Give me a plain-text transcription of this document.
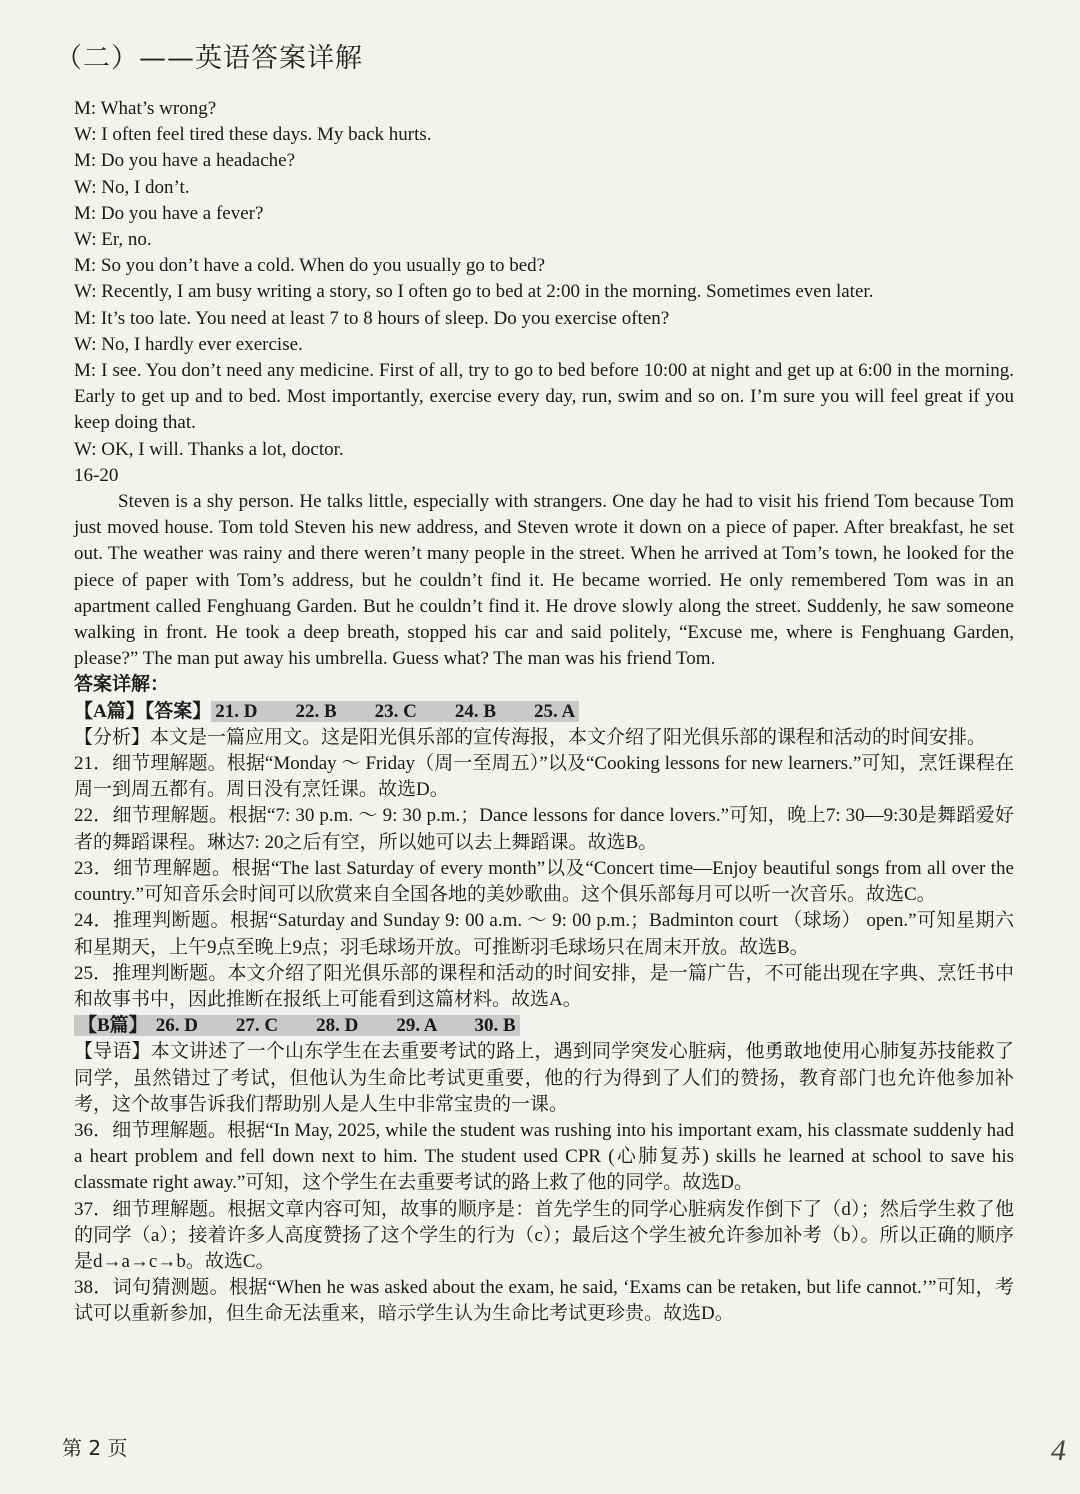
（二）——英语答案详解

M: What’s wrong?

W: I often feel tired these days. My back hurts.

M: Do you have a headache?

W: No, I don’t.

M: Do you have a fever?

W: Er, no.

M: So you don’t have a cold. When do you usually go to bed?

W: Recently, I am busy writing a story, so I often go to bed at 2:00 in the morning. Sometimes even later.

M: It’s too late. You need at least 7 to 8 hours of sleep. Do you exercise often?

W: No, I hardly ever exercise.

M: I see. You don’t need any medicine. First of all, try to go to bed before 10:00 at night and get up at 6:00 in the morning. Early to get up and to bed. Most importantly, exercise every day, run, swim and so on. I’m sure you will feel great if you keep doing that.

W: OK, I will. Thanks a lot, doctor.

16-20

Steven is a shy person. He talks little, especially with strangers. One day he had to visit his friend Tom because Tom just moved house. Tom told Steven his new address, and Steven wrote it down on a piece of paper. After breakfast, he set out. The weather was rainy and there weren’t many people in the street. When he arrived at Tom’s town, he looked for the piece of paper with Tom’s address, but he couldn’t find it. He became worried. He only remembered Tom was in an apartment called Fenghuang Garden. But he couldn’t find it. He drove slowly along the street. Suddenly, he saw someone walking in front. He took a deep breath, stopped his car and said politely, “Excuse me, where is Fenghuang Garden, please?” The man put away his umbrella. Guess what? The man was his friend Tom.

答案详解：

【A篇】【答案】 21. D　　22. B　　23. C　　24. B　　25. A

【分析】本文是一篇应用文。这是阳光俱乐部的宣传海报，本文介绍了阳光俱乐部的课程和活动的时间安排。

21．细节理解题。根据“Monday ～ Friday（周一至周五）”以及“Cooking lessons for new learners.”可知，烹饪课程在周一到周五都有。周日没有烹饪课。故选D。

22．细节理解题。根据“7: 30 p.m. ～ 9: 30 p.m.；Dance lessons for dance lovers.”可知，晚上7: 30—9:30是舞蹈爱好者的舞蹈课程。琳达7: 20之后有空，所以她可以去上舞蹈课。故选B。

23．细节理解题。根据“The last Saturday of every month”以及“Concert time—Enjoy beautiful songs from all over the country.”可知音乐会时间可以欣赏来自全国各地的美妙歌曲。这个俱乐部每月可以听一次音乐。故选C。

24．推理判断题。根据“Saturday and Sunday 9: 00 a.m. ～ 9: 00 p.m.；Badminton court （球场） open.”可知星期六和星期天，上午9点至晚上9点；羽毛球场开放。可推断羽毛球场只在周末开放。故选B。

25．推理判断题。本文介绍了阳光俱乐部的课程和活动的时间安排，是一篇广告，不可能出现在字典、烹饪书中和故事书中，因此推断在报纸上可能看到这篇材料。故选A。

【B篇】 26. D　　27. C　　28. D　　29. A　　30. B

【导语】本文讲述了一个山东学生在去重要考试的路上，遇到同学突发心脏病，他勇敢地使用心肺复苏技能救了同学，虽然错过了考试，但他认为生命比考试更重要，他的行为得到了人们的赞扬，教育部门也允许他参加补考，这个故事告诉我们帮助别人是人生中非常宝贵的一课。

36．细节理解题。根据“In May, 2025, while the student was rushing into his important exam, his classmate suddenly had a heart problem and fell down next to him. The student used CPR (心肺复苏) skills he learned at school to save his classmate right away.”可知，这个学生在去重要考试的路上救了他的同学。故选D。

37．细节理解题。根据文章内容可知，故事的顺序是：首先学生的同学心脏病发作倒下了（d）；然后学生救了他的同学（a）；接着许多人高度赞扬了这个学生的行为（c）；最后这个学生被允许参加补考（b）。所以正确的顺序是d→a→c→b。故选C。

38．词句猜测题。根据“When he was asked about the exam, he said, ‘Exams can be retaken, but life cannot.’”可知，考试可以重新参加，但生命无法重来，暗示学生认为生命比考试更珍贵。故选D。

第 2 页	4
